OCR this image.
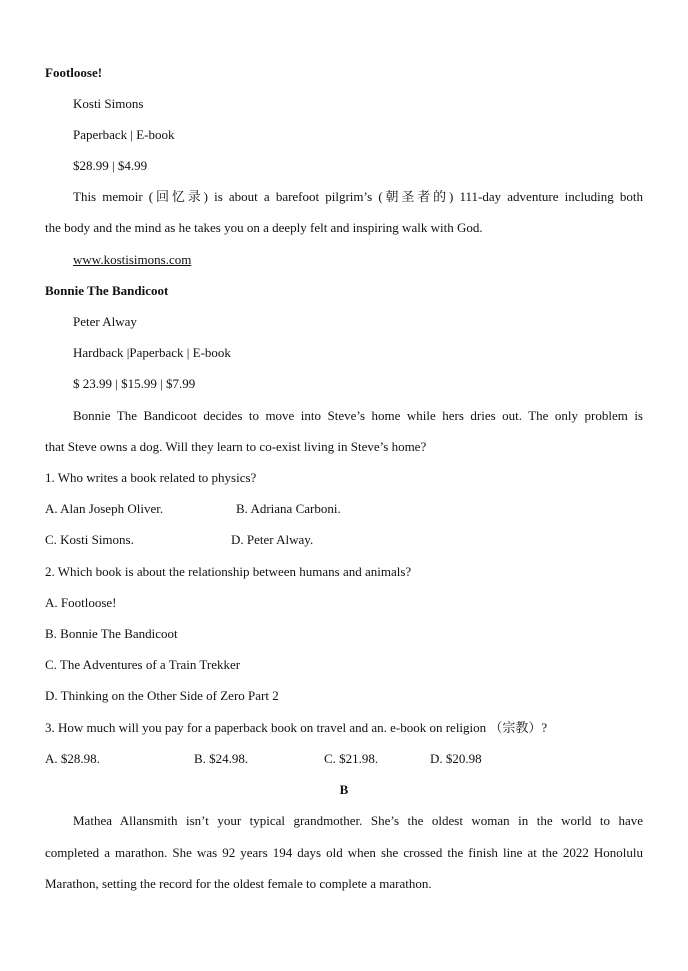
Footloose!
Kosti Simons
Paperback | E-book
$28.99 | $4.99
This memoir (回忆录) is about a barefoot pilgrim’s (朝圣者的) 111-day adventure including both
the body and the mind as he takes you on a deeply felt and inspiring walk with God.
www.kostisimons.com
Bonnie The Bandicoot
Peter Alway
Hardback |Paperback | E-book
$ 23.99 | $15.99 | $7.99
Bonnie The Bandicoot decides to move into Steve’s home while hers dries out. The only problem is
that Steve owns a dog. Will they learn to co-exist living in Steve’s home?
1. Who writes a book related to physics?
A. Alan Joseph Oliver.	B. Adriana Carboni.
C. Kosti Simons.	D. Peter Alway.
2. Which book is about the relationship between humans and animals?
A. Footloose!
B. Bonnie The Bandicoot
C. The Adventures of a Train Trekker
D. Thinking on the Other Side of Zero Part 2
3. How much will you pay for a paperback book on travel and an. e-book on religion （宗教）?
A. $28.98.	B. $24.98.	C. $21.98.	D. $20.98
B
Mathea Allansmith isn’t your typical grandmother. She’s the oldest woman in the world to have
completed a marathon. She was 92 years 194 days old when she crossed the finish line at the 2022 Honolulu
Marathon, setting the record for the oldest female to complete a marathon.
